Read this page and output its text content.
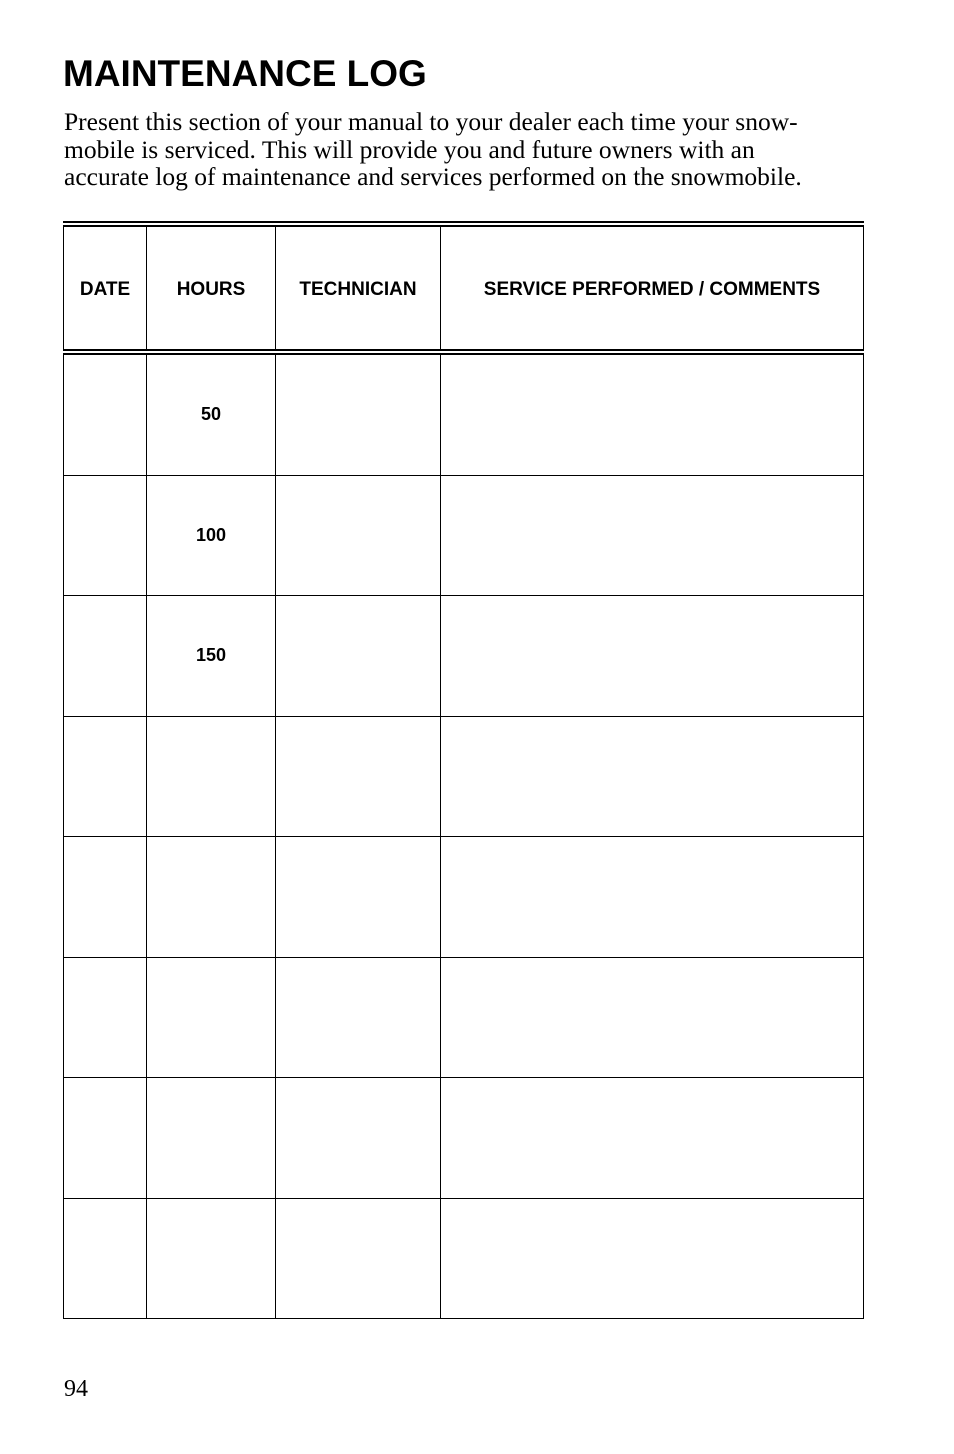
MAINTENANCE LOG

Present this section of your manual to your dealer each time your snow-
mobile is serviced. This will provide you and future owners with an
accurate log of maintenance and services performed on the snowmobile.

DATE	HOURS	TECHNICIAN	SERVICE PERFORMED / COMMENTS
	50		
	100		
	150		

94
